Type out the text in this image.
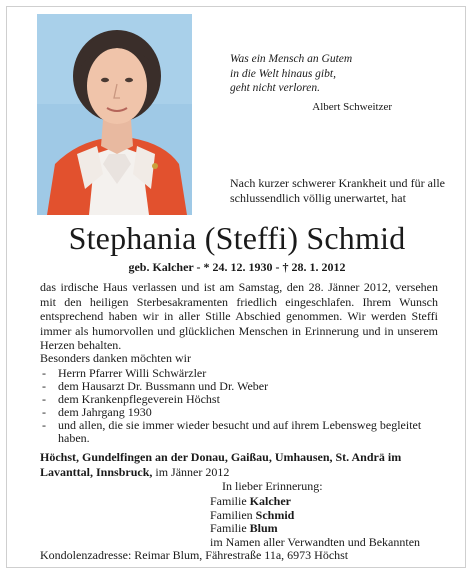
Was ein Mensch an Gutem
in die Welt hinaus gibt,
geht nicht verloren.
Albert Schweitzer
Nach kurzer schwerer Krankheit und für alle schlussendlich völlig unerwartet, hat
Stephania (Steffi) Schmid
geb. Kalcher - * 24. 12. 1930 - † 28. 1. 2012
das irdische Haus verlassen und ist am Samstag, den 28. Jänner 2012, versehen mit den heiligen Sterbesakramenten friedlich eingeschlafen. Ihrem Wunsch entsprechend haben wir in aller Stille Abschied genommen. Wir werden Steffi immer als humorvollen und glücklichen Menschen in Erinnerung und in unserem Herzen behalten.
Besonders danken möchten wir
- Herrn Pfarrer Willi Schwärzler
- dem Hausarzt Dr. Bussmann und Dr. Weber
- dem Krankenpflegeverein Höchst
- dem Jahrgang 1930
- und allen, die sie immer wieder besucht und auf ihrem Lebensweg begleitet haben.
Höchst, Gundelfingen an der Donau, Gaißau, Umhausen, St. Andrä im Lavanttal, Innsbruck, im Jänner 2012
In lieber Erinnerung:
Familie Kalcher
Familien Schmid
Familie Blum
im Namen aller Verwandten und Bekannten
Kondolenzadresse: Reimar Blum, Fährestraße 11a, 6973 Höchst
